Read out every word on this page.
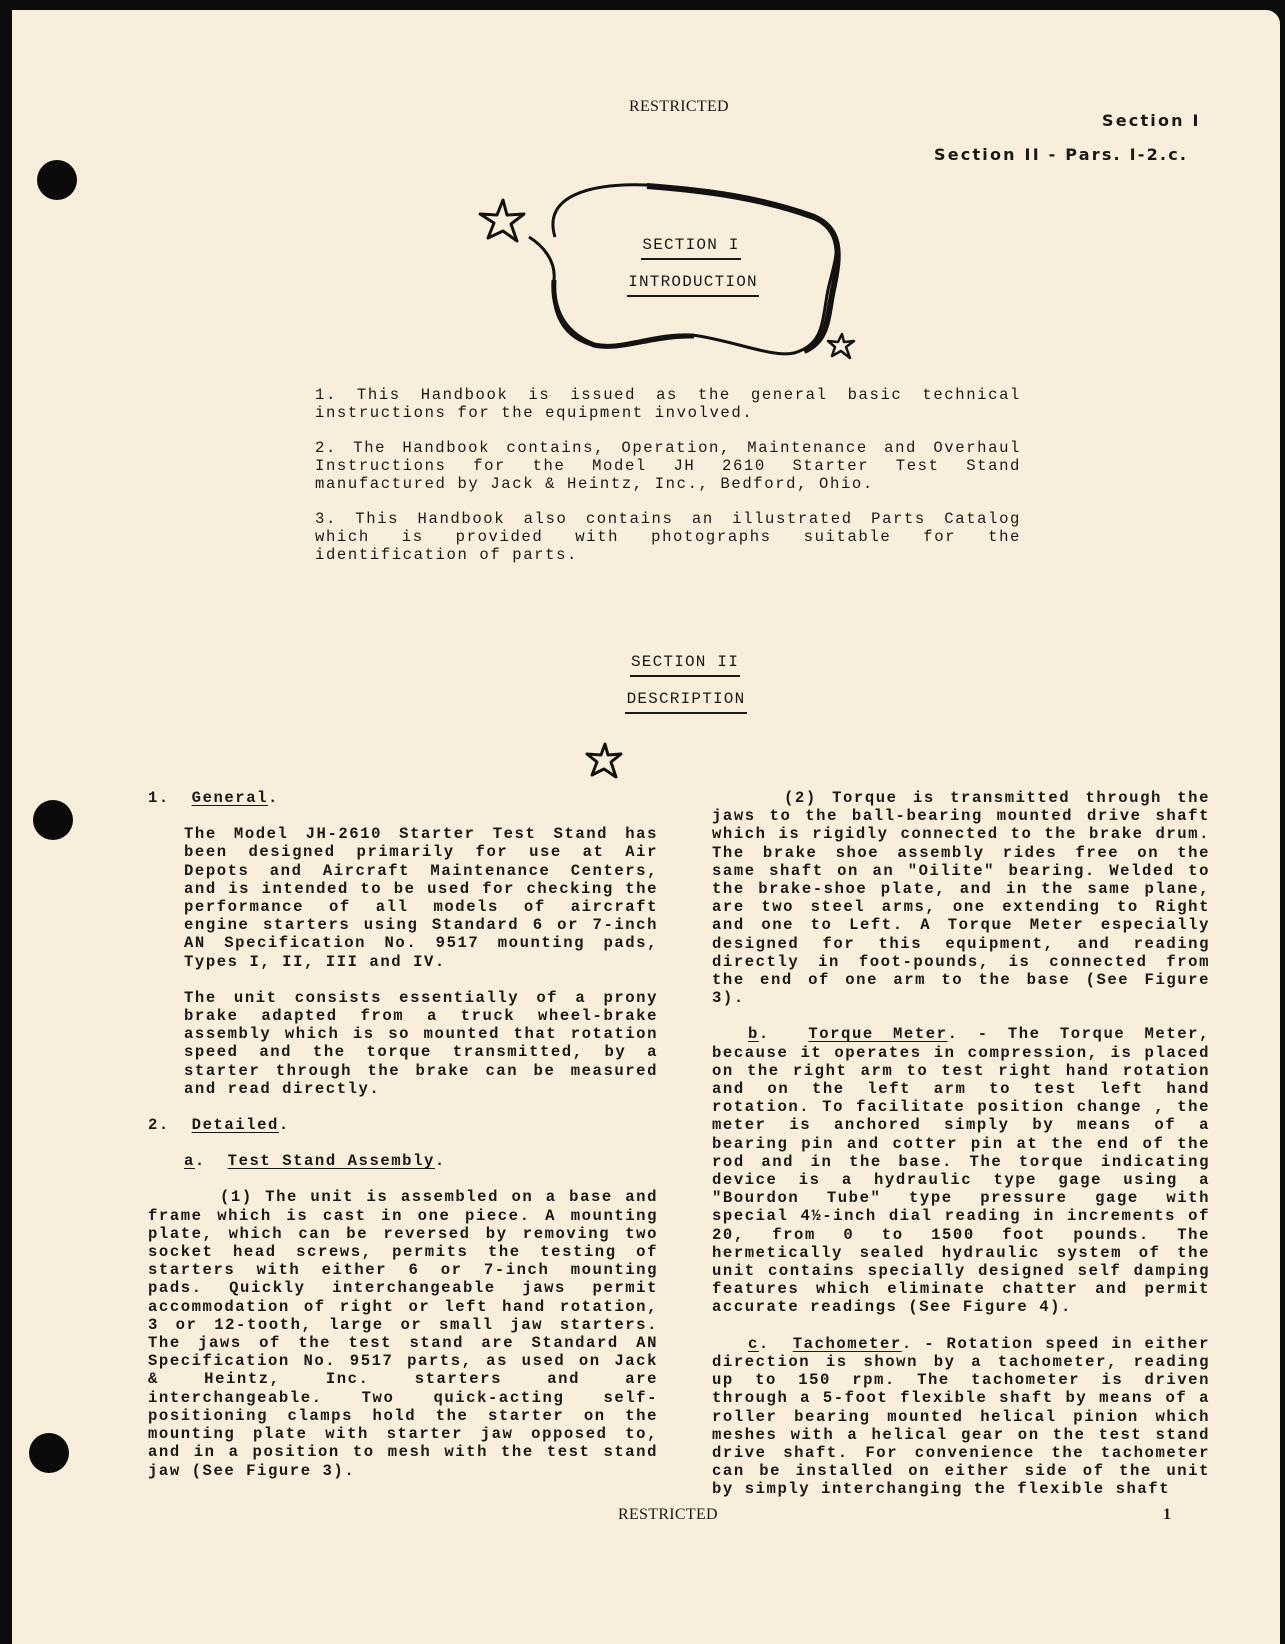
RESTRICTED
Section I
Section II - Pars. I-2.c.
SECTION I
INTRODUCTION

1. This Handbook is issued as the general basic technical instructions for the equipment involved.

2. The Handbook contains, Operation, Maintenance and Overhaul Instructions for the Model JH 2610 Starter Test Stand manufactured by Jack & Heintz, Inc., Bedford, Ohio.

3. This Handbook also contains an illustrated Parts Catalog which is provided with photographs suitable for the identification of parts.

SECTION II
DESCRIPTION

1. General.

The Model JH-2610 Starter Test Stand has been designed primarily for use at Air Depots and Aircraft Maintenance Centers, and is intended to be used for checking the performance of all models of aircraft engine starters using Standard 6 or 7-inch AN Specification No. 9517 mounting pads, Types I, II, III and IV.

The unit consists essentially of a prony brake adapted from a truck wheel-brake assembly which is so mounted that rotation speed and the torque transmitted, by a starter through the brake can be measured and read directly.

2. Detailed.

a.  Test Stand Assembly.

(1) The unit is assembled on a base and frame which is cast in one piece. A mounting plate, which can be reversed by removing two socket head screws, permits the testing of starters with either 6 or 7-inch mounting pads. Quickly interchangeable jaws permit accommodation of right or left hand rotation, 3 or 12-tooth, large or small jaw starters. The jaws of the test stand are Standard AN Specification No. 9517 parts, as used on Jack & Heintz, Inc. starters and are interchangeable. Two quick-acting self-positioning clamps hold the starter on the mounting plate with starter jaw opposed to, and in a position to mesh with the test stand jaw (See Figure 3).

(2) Torque is transmitted through the jaws to the ball-bearing mounted drive shaft which is rigidly connected to the brake drum. The brake shoe assembly rides free on the same shaft on an "Oilite" bearing. Welded to the brake-shoe plate, and in the same plane, are two steel arms, one extending to Right and one to Left. A Torque Meter especially designed for this equipment, and reading directly in foot-pounds, is connected from the end of one arm to the base (See Figure 3).

b.  Torque Meter. - The Torque Meter, because it operates in compression, is placed on the right arm to test right hand rotation and on the left arm to test left hand rotation. To facilitate position change , the meter is anchored simply by means of a bearing pin and cotter pin at the end of the rod and in the base. The torque indicating device is a hydraulic type gage using a "Bourdon Tube" type pressure gage with special 4½-inch dial reading in increments of 20, from 0 to 1500 foot pounds. The hermetically sealed hydraulic system of the unit contains specially designed self damping features which eliminate chatter and permit accurate readings (See Figure 4).

c.  Tachometer. - Rotation speed in either direction is shown by a tachometer, reading up to 150 rpm. The tachometer is driven through a 5-foot flexible shaft by means of a roller bearing mounted helical pinion which meshes with a helical gear on the test stand drive shaft. For convenience the tachometer can be installed on either side of the unit by simply interchanging the flexible shaft

RESTRICTED	1
